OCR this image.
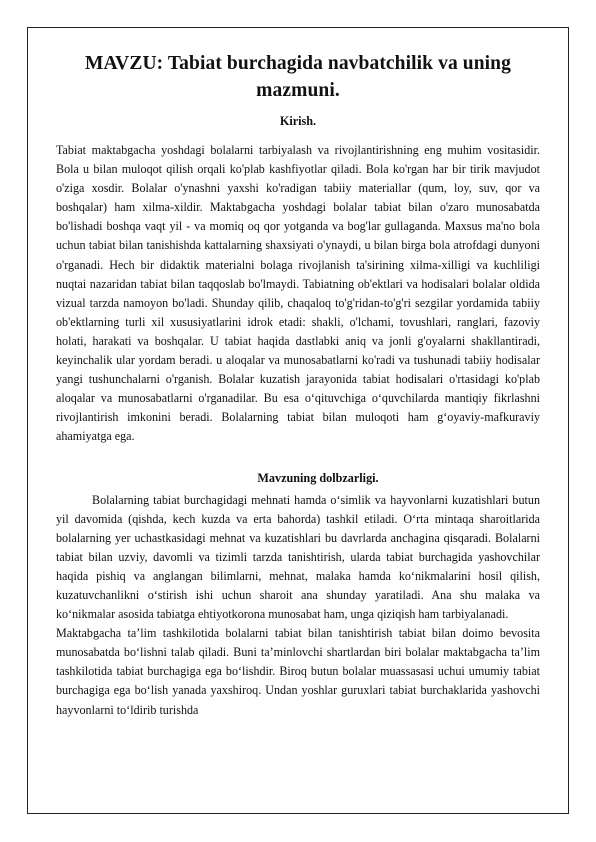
MAVZU: Tabiat burchagida navbatchilik va uning mazmuni.
Kirish.

Tabiat maktabgacha yoshdagi bolalarni tarbiyalash va rivojlantirishning eng muhim vositasidir. Bola u bilan muloqot qilish orqali ko'plab kashfiyotlar qiladi. Bola ko'rgan har bir tirik mavjudot o'ziga xosdir. Bolalar o'ynashni yaxshi ko'radigan tabiiy materiallar (qum, loy, suv, qor va boshqalar) ham xilma-xildir. Maktabgacha yoshdagi bolalar tabiat bilan o'zaro munosabatda bo'lishadi boshqa vaqt yil - va momiq oq qor yotganda va bog'lar gullaganda. Maxsus ma'no bola uchun tabiat bilan tanishishda kattalarning shaxsiyati o'ynaydi, u bilan birga bola atrofdagi dunyoni o'rganadi. Hech bir didaktik materialni bolaga rivojlanish ta'sirining xilma-xilligi va kuchliligi nuqtai nazaridan tabiat bilan taqqoslab bo'lmaydi. Tabiatning ob'ektlari va hodisalari bolalar oldida vizual tarzda namoyon bo'ladi. Shunday qilib, chaqaloq to'g'ridan-to'g'ri sezgilar yordamida tabiiy ob'ektlarning turli xil xususiyatlarini idrok etadi: shakli, o'lchami, tovushlari, ranglari, fazoviy holati, harakati va boshqalar. U tabiat haqida dastlabki aniq va jonli g'oyalarni shakllantiradi, keyinchalik ular yordam beradi. u aloqalar va munosabatlarni ko'radi va tushunadi tabiiy hodisalar yangi tushunchalarni o'rganish. Bolalar kuzatish jarayonida tabiat hodisalari o'rtasidagi ko'plab aloqalar va munosabatlarni o'rganadilar. Bu esa o‘qituvchiga o‘quvchilarda mantiqiy fikrlashni rivojlantirish imkonini beradi. Bolalarning tabiat bilan muloqoti ham g‘oyaviy-mafkuraviy ahamiyatga ega.

Mavzuning dolbzarligi.

Bolalarning tabiat burchagidagi mehnati hamda o‘simlik va hayvonlarni kuzatishlari butun yil davomida (qishda, kech kuzda va erta bahorda) tashkil etiladi. O‘rta mintaqa sharoitlarida bolalarning yer uchastkasidagi mehnat va kuzatishlari bu davrlarda anchagina qisqaradi. Bolalarni tabiat bilan uzviy, davomli va tizimli tarzda tanishtirish, ularda tabiat burchagida yashovchilar haqida pishiq va anglangan bilimlarni, mehnat, malaka hamda ko‘nikmalarini hosil qilish, kuzatuvchanlikni o‘stirish ishi uchun sharoit ana shunday yaratiladi. Ana shu malaka va ko‘nikmalar asosida tabiatga ehtiyotkorona munosabat ham, unga qiziqish ham tarbiyalanadi.

Maktabgacha ta’lim tashkilotida bolalarni tabiat bilan tanishtirish tabiat bilan doimo bevosita munosabatda bo‘lishni talab qiladi. Buni ta’minlovchi shartlardan biri bolalar maktabgacha ta’lim tashkilotida tabiat burchagiga ega bo‘lishdir. Biroq butun bolalar muassasasi uchui umumiy tabiat burchagiga ega bo‘lish yanada yaxshiroq. Undan yoshlar guruxlari tabiat burchaklarida yashovchi hayvonlarni to‘ldirib turishda
